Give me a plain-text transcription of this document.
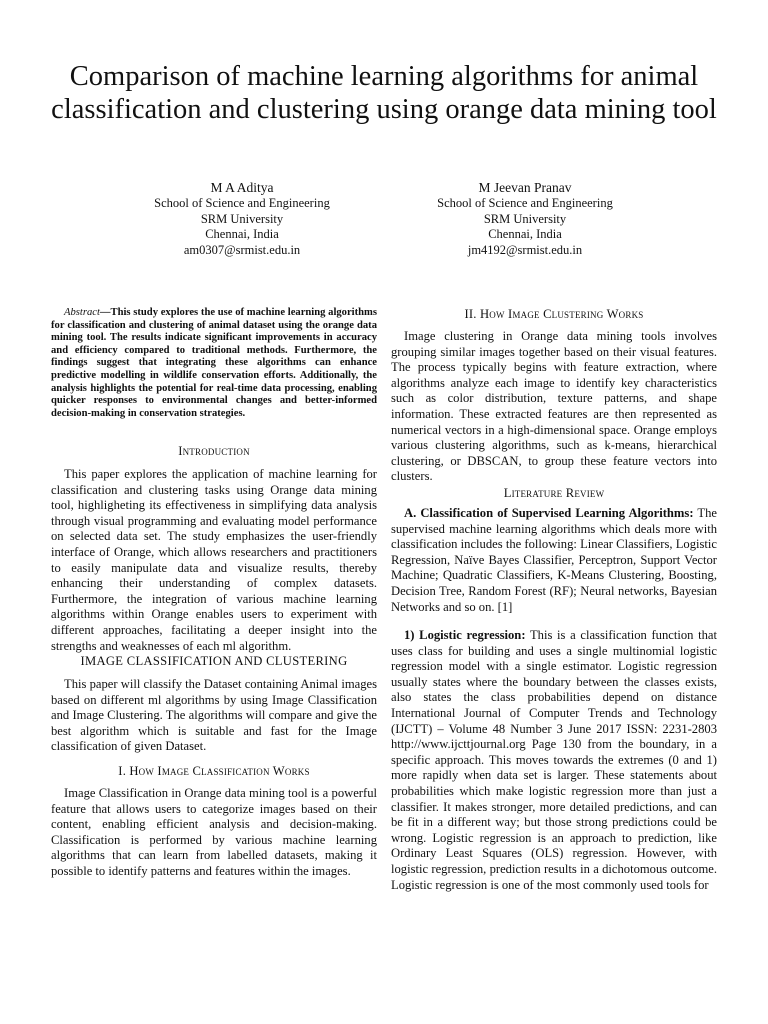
Comparison of machine learning algorithms for animal classification and clustering using orange data mining tool
M A Aditya
School of Science and Engineering
SRM University
Chennai, India
am0307@srmist.edu.in
M Jeevan Pranav
School of Science and Engineering
SRM University
Chennai, India
jm4192@srmist.edu.in

Abstract—This study explores the use of machine learning algorithms for classification and clustering of animal dataset using the orange data mining tool. The results indicate significant improvements in accuracy and efficiency compared to traditional methods. Furthermore, the findings suggest that integrating these algorithms can enhance predictive modelling in wildlife conservation efforts. Additionally, the analysis highlights the potential for real-time data processing, enabling quicker responses to environmental changes and better-informed decision-making in conservation strategies.

Introduction

This paper explores the application of machine learning for classification and clustering tasks using Orange data mining tool, highligheting its effectiveness in simplifying data analysis through visual programming and evaluating model performance on selected data set. The study emphasizes the user-friendly interface of Orange, which allows researchers and practitioners to easily manipulate data and visualize results, thereby enhancing their understanding of complex datasets. Furthermore, the integration of various machine learning algorithms within Orange enables users to experiment with different approaches, facilitating a deeper insight into the strengths and weaknesses of each ml algorithm.

IMAGE CLASSIFICATION AND CLUSTERING

This paper will classify the Dataset containing Animal images based on different ml algorithms by using Image Classification and Image Clustering. The algorithms will compare and give the best algorithm which is suitable and fast for the Image classification of given Dataset.

I. How Image Classification Works

Image Classification in Orange data mining tool is a powerful feature that allows users to categorize images based on their content, enabling efficient analysis and decision-making. Classification is performed by various machine learning algorithms that can learn from labelled datasets, making it possible to identify patterns and features within the images.

II. How Image Clustering Works

Image clustering in Orange data mining tools involves grouping similar images together based on their visual features. The process typically begins with feature extraction, where algorithms analyze each image to identify key characteristics such as color distribution, texture patterns, and shape information. These extracted features are then represented as numerical vectors in a high-dimensional space. Orange employs various clustering algorithms, such as k-means, hierarchical clustering, or DBSCAN, to group these feature vectors into clusters.

Literature Review

A. Classification of Supervised Learning Algorithms: The supervised machine learning algorithms which deals more with classification includes the following: Linear Classifiers, Logistic Regression, Naïve Bayes Classifier, Perceptron, Support Vector Machine; Quadratic Classifiers, K-Means Clustering, Boosting, Decision Tree, Random Forest (RF); Neural networks, Bayesian Networks and so on. [1]

1) Logistic regression: This is a classification function that uses class for building and uses a single multinomial logistic regression model with a single estimator. Logistic regression usually states where the boundary between the classes exists, also states the class probabilities depend on distance International Journal of Computer Trends and Technology (IJCTT) – Volume 48 Number 3 June 2017 ISSN: 2231-2803 http://www.ijcttjournal.org Page 130 from the boundary, in a specific approach. This moves towards the extremes (0 and 1) more rapidly when data set is larger. These statements about probabilities which make logistic regression more than just a classifier. It makes stronger, more detailed predictions, and can be fit in a different way; but those strong predictions could be wrong. Logistic regression is an approach to prediction, like Ordinary Least Squares (OLS) regression. However, with logistic regression, prediction results in a dichotomous outcome. Logistic regression is one of the most commonly used tools for
